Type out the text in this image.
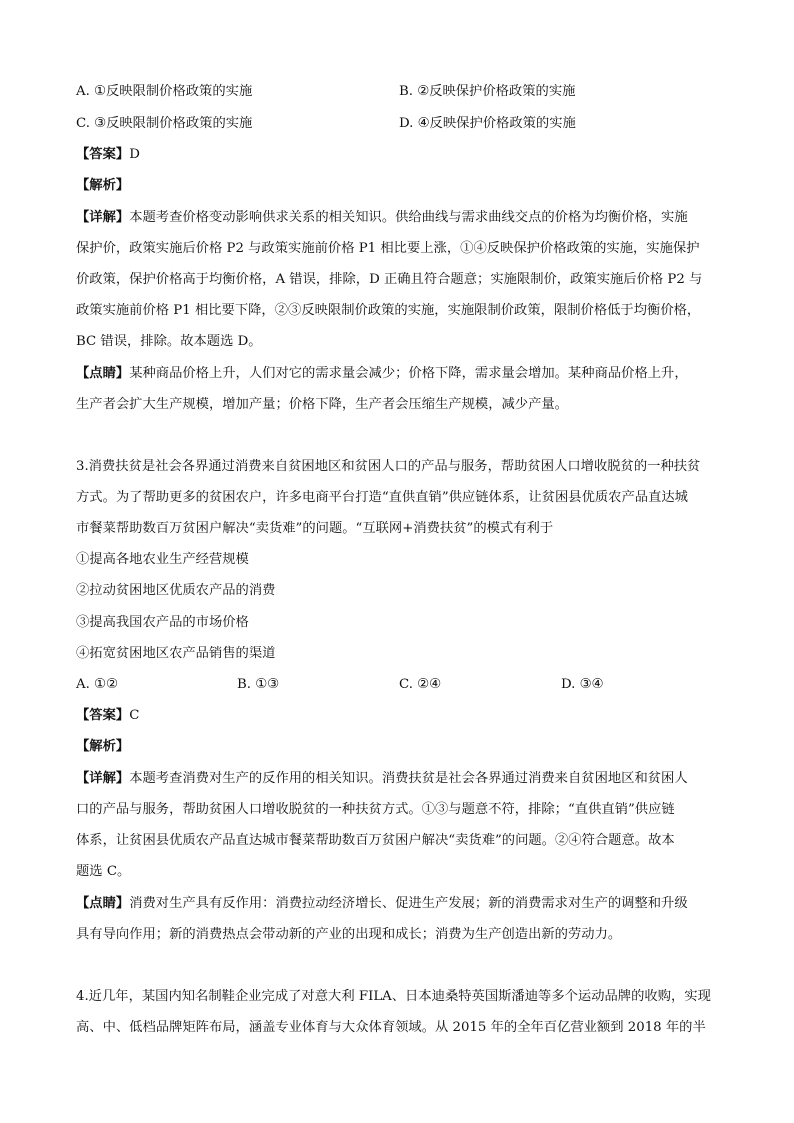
A. ①反映限制价格政策的实施	B. ②反映保护价格政策的实施
C. ③反映限制价格政策的实施	D. ④反映保护价格政策的实施
【答案】D
【解析】
【详解】本题考查价格变动影响供求关系的相关知识。供给曲线与需求曲线交点的价格为均衡价格，实施
保护价，政策实施后价格 P2 与政策实施前价格 P1 相比要上涨，①④反映保护价格政策的实施，实施保护
价政策，保护价格高于均衡价格，A 错误，排除，D 正确且符合题意；实施限制价，政策实施后价格 P2 与
政策实施前价格 P1 相比要下降，②③反映限制价政策的实施，实施限制价政策，限制价格低于均衡价格，
BC 错误，排除。故本题选 D。
【点睛】某种商品价格上升，人们对它的需求量会减少；价格下降，需求量会增加。某种商品价格上升，
生产者会扩大生产规模，增加产量；价格下降，生产者会压缩生产规模，减少产量。
3.消费扶贫是社会各界通过消费来自贫困地区和贫困人口的产品与服务，帮助贫困人口增收脱贫的一种扶贫
方式。为了帮助更多的贫困农户，许多电商平台打造“直供直销”供应链体系，让贫困县优质农产品直达城
市餐菜帮助数百万贫困户解决“卖货难”的问题。“互联网+消费扶贫”的模式有利于
①提高各地农业生产经营规模
②拉动贫困地区优质农产品的消费
③提高我国农产品的市场价格
④拓宽贫困地区农产品销售的渠道
A. ①②	B. ①③	C. ②④	D. ③④
【答案】C
【解析】
【详解】本题考查消费对生产的反作用的相关知识。消费扶贫是社会各界通过消费来自贫困地区和贫困人
口的产品与服务，帮助贫困人口增收脱贫的一种扶贫方式。①③与题意不符，排除；“直供直销”供应链
体系，让贫困县优质农产品直达城市餐菜帮助数百万贫困户解决“卖货难”的问题。②④符合题意。故本
题选 C。
【点睛】消费对生产具有反作用：消费拉动经济增长、促进生产发展；新的消费需求对生产的调整和升级
具有导向作用；新的消费热点会带动新的产业的出现和成长；消费为生产创造出新的劳动力。
4.近几年，某国内知名制鞋企业完成了对意大利 FILA、日本迪桑特英国斯潘迪等多个运动品牌的收购，实现
高、中、低档品牌矩阵布局，涵盖专业体育与大众体育领域。从 2015 年的全年百亿营业额到 2018 年的半
